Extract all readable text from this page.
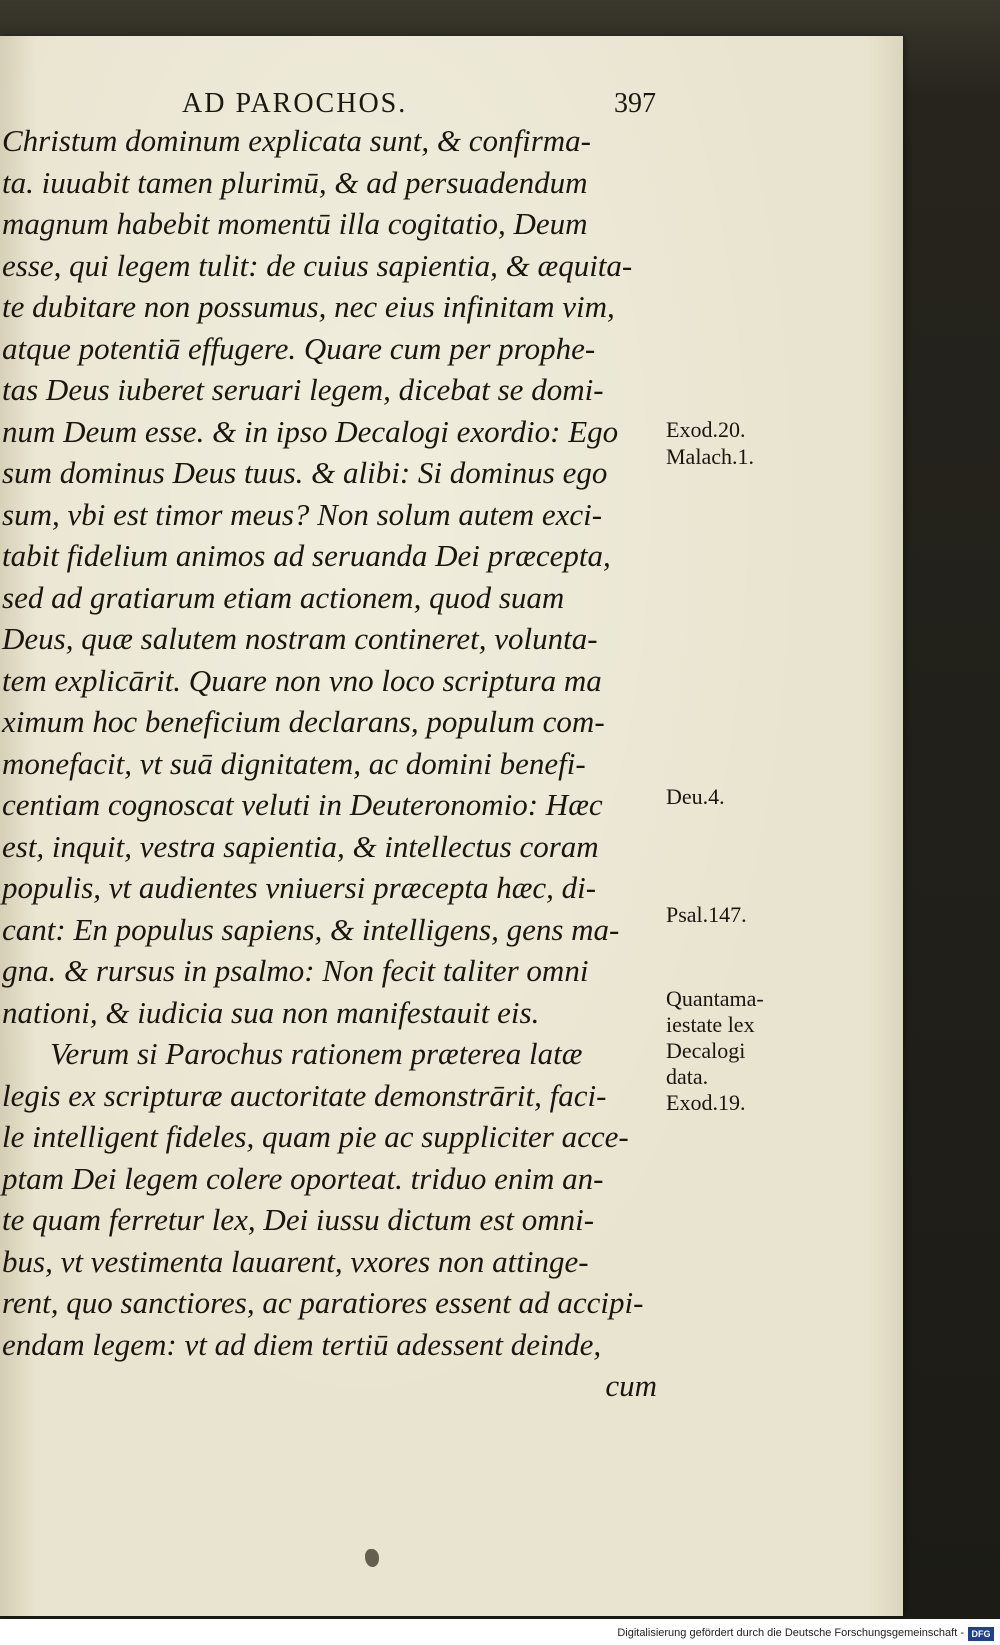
AD PAROCHOS.	397
Christum dominum explicata sunt, & confirma-
ta. iuuabit tamen plurimū, & ad persuadendum
magnum habebit momentū illa cogitatio, Deum
esse, qui legem tulit: de cuius sapientia, & æquita-
te dubitare non possumus, nec eius infinitam vim,
atque potentiā effugere. Quare cum per prophe-
tas Deus iuberet seruari legem, dicebat se domi-
num Deum esse. & in ipso Decalogi exordio: Ego
sum dominus Deus tuus. & alibi: Si dominus ego
sum, vbi est timor meus? Non solum autem exci-
tabit fidelium animos ad seruanda Dei præcepta,
sed ad gratiarum etiam actionem, quod suam
Deus, quæ salutem nostram contineret, volunta-
tem explicārit. Quare non vno loco scriptura ma
ximum hoc beneficium declarans, populum com-
monefacit, vt suā dignitatem, ac domini benefi-
centiam cognoscat veluti in Deuteronomio: Hæc
est, inquit, vestra sapientia, & intellectus coram
populis, vt audientes vniuersi præcepta hæc, di-
cant: En populus sapiens, & intelligens, gens ma-
gna. & rursus in psalmo: Non fecit taliter omni
nationi, & iudicia sua non manifestauit eis.
Verum si Parochus rationem præterea latæ
legis ex scripturæ auctoritate demonstrārit, faci-
le intelligent fideles, quam pie ac suppliciter acce-
ptam Dei legem colere oporteat. triduo enim an-
te quam ferretur lex, Dei iussu dictum est omni-
bus, vt vestimenta lauarent, vxores non attinge-
rent, quo sanctiores, ac paratiores essent ad accipi-
endam legem: vt ad diem tertiū adessent deinde,
cum
Exod.20.
Malach.1.
Deu.4.
Psal.147.
Quantama-
iestate lex
Decalogi
data.
Exod.19.
Digitalisierung gefördert durch die Deutsche Forschungsgemeinschaft - DFG
